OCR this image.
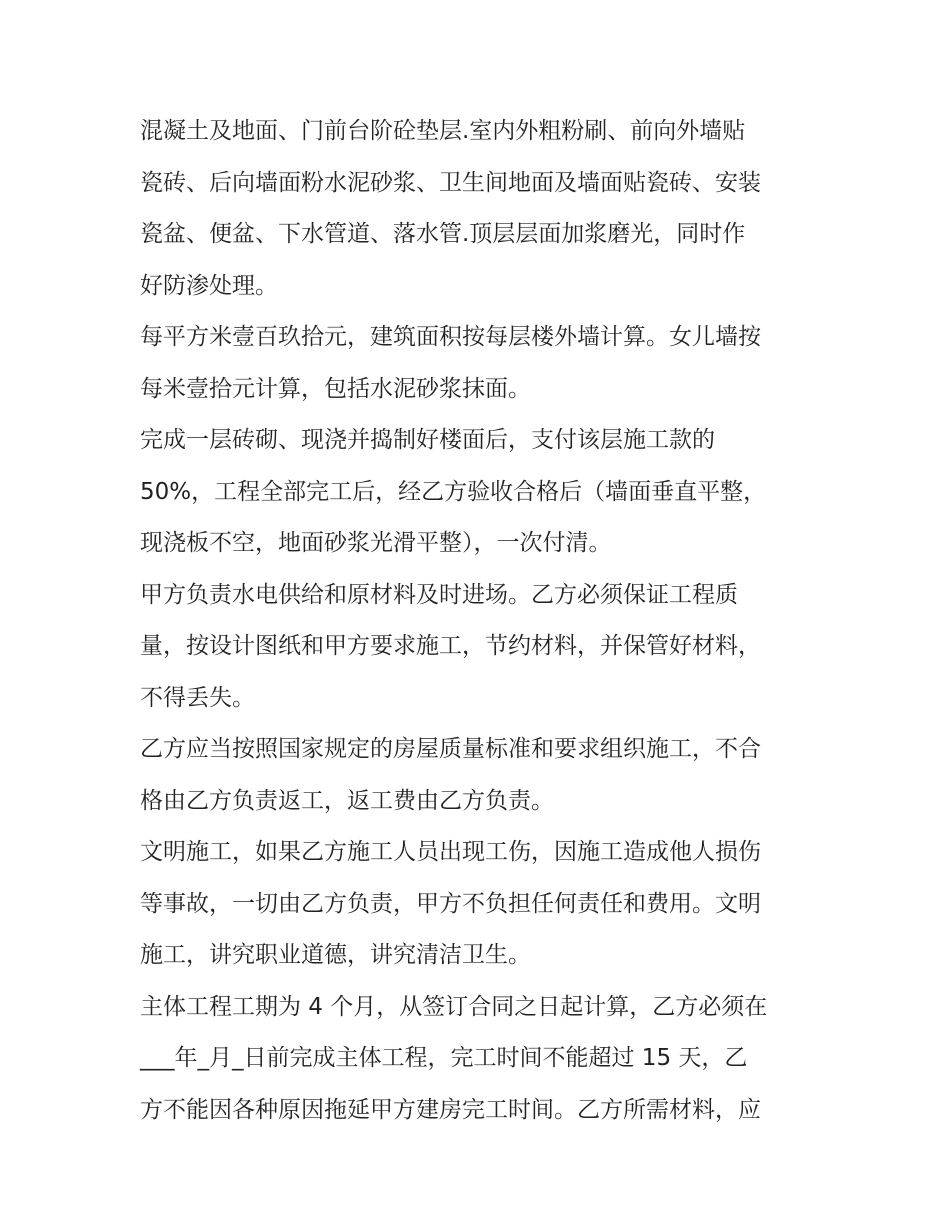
混凝土及地面、门前台阶砼垫层.室内外粗粉刷、前向外墙贴
瓷砖、后向墙面粉水泥砂浆、卫生间地面及墙面贴瓷砖、安装
瓷盆、便盆、下水管道、落水管.顶层层面加浆磨光，同时作
好防渗处理。
每平方米壹百玖拾元，建筑面积按每层楼外墙计算。女儿墙按
每米壹拾元计算，包括水泥砂浆抹面。
完成一层砖砌、现浇并捣制好楼面后，支付该层施工款的
50%，工程全部完工后，经乙方验收合格后（墙面垂直平整，
现浇板不空，地面砂浆光滑平整），一次付清。
甲方负责水电供给和原材料及时进场。乙方必须保证工程质
量，按设计图纸和甲方要求施工，节约材料，并保管好材料，
不得丢失。
乙方应当按照国家规定的房屋质量标准和要求组织施工，不合
格由乙方负责返工，返工费由乙方负责。
文明施工，如果乙方施工人员出现工伤，因施工造成他人损伤
等事故，一切由乙方负责，甲方不负担任何责任和费用。文明
施工，讲究职业道德，讲究清洁卫生。
主体工程工期为 4 个月，从签订合同之日起计算，乙方必须在
___年_月_日前完成主体工程，完工时间不能超过 15 天，乙
方不能因各种原因拖延甲方建房完工时间。乙方所需材料，应
